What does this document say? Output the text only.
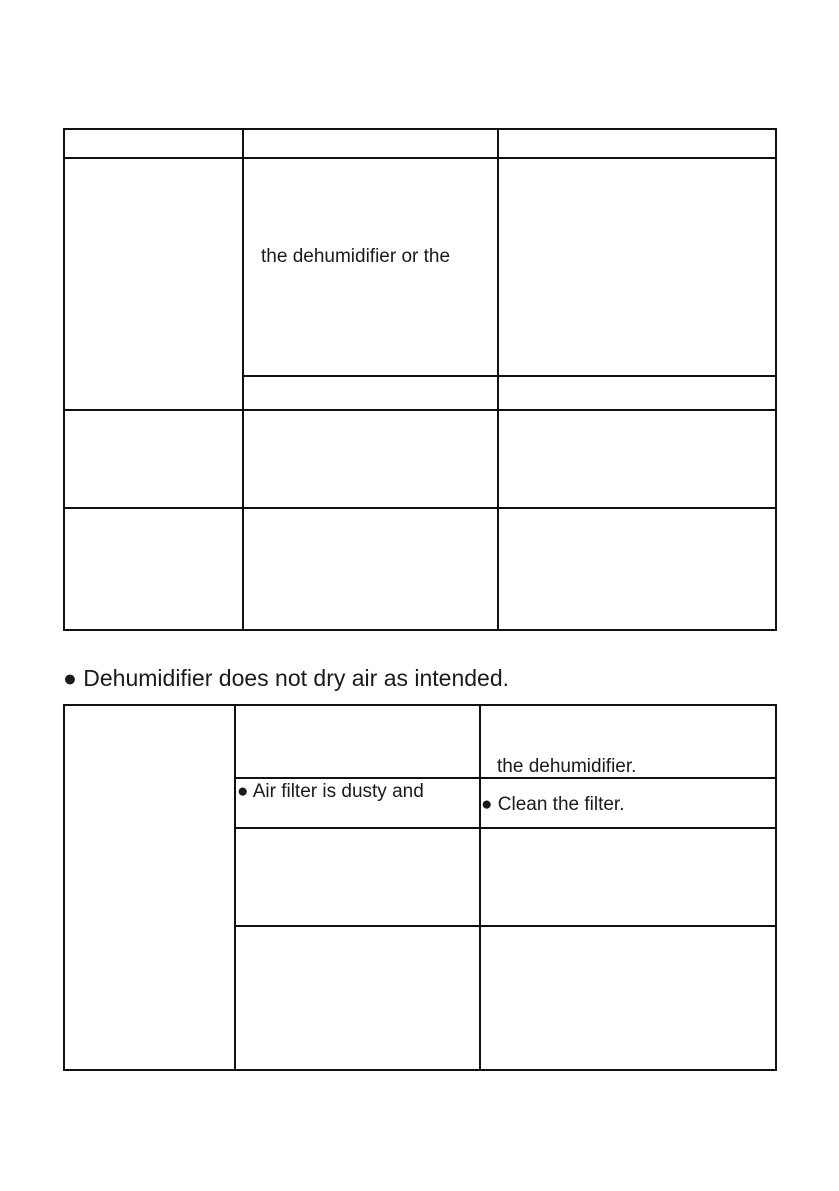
the dehumidifier or the
● Dehumidifier does not dry air as intended.
the dehumidifier.
● Air filter is dusty and
● Clean the filter.
